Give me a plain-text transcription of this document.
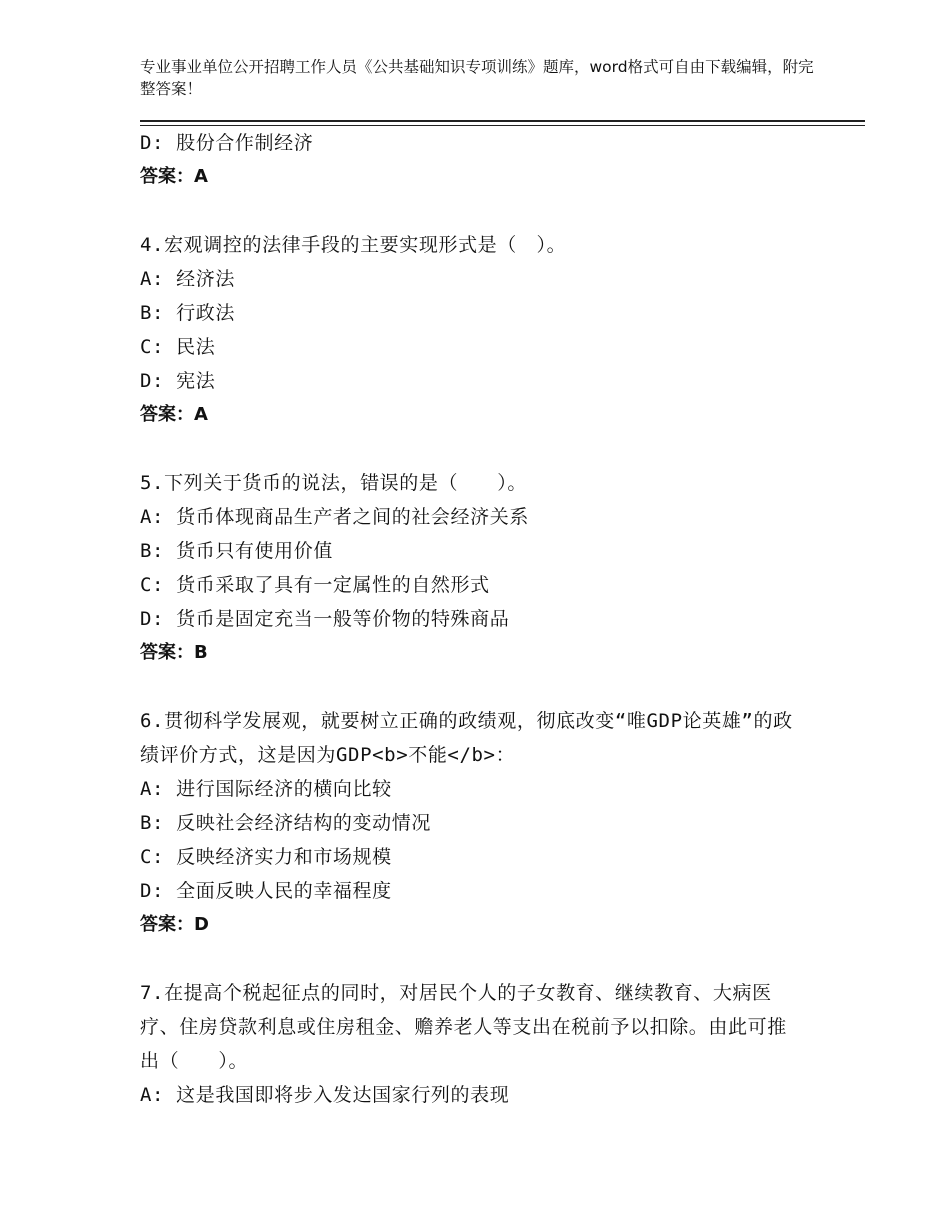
专业事业单位公开招聘工作人员《公共基础知识专项训练》题库，word格式可自由下载编辑，附完整答案！
D: 股份合作制经济
答案：A
4.宏观调控的法律手段的主要实现形式是（　）。
A: 经济法
B: 行政法
C: 民法
D: 宪法
答案：A
5.下列关于货币的说法，错误的是（　　）。
A: 货币体现商品生产者之间的社会经济关系
B: 货币只有使用价值
C: 货币采取了具有一定属性的自然形式
D: 货币是固定充当一般等价物的特殊商品
答案：B
6.贯彻科学发展观，就要树立正确的政绩观，彻底改变“唯GDP论英雄”的政绩评价方式，这是因为GDP<b>不能</b>：
A: 进行国际经济的横向比较
B: 反映社会经济结构的变动情况
C: 反映经济实力和市场规模
D: 全面反映人民的幸福程度
答案：D
7.在提高个税起征点的同时，对居民个人的子女教育、继续教育、大病医疗、住房贷款利息或住房租金、赡养老人等支出在税前予以扣除。由此可推出（　　）。
A: 这是我国即将步入发达国家行列的表现
